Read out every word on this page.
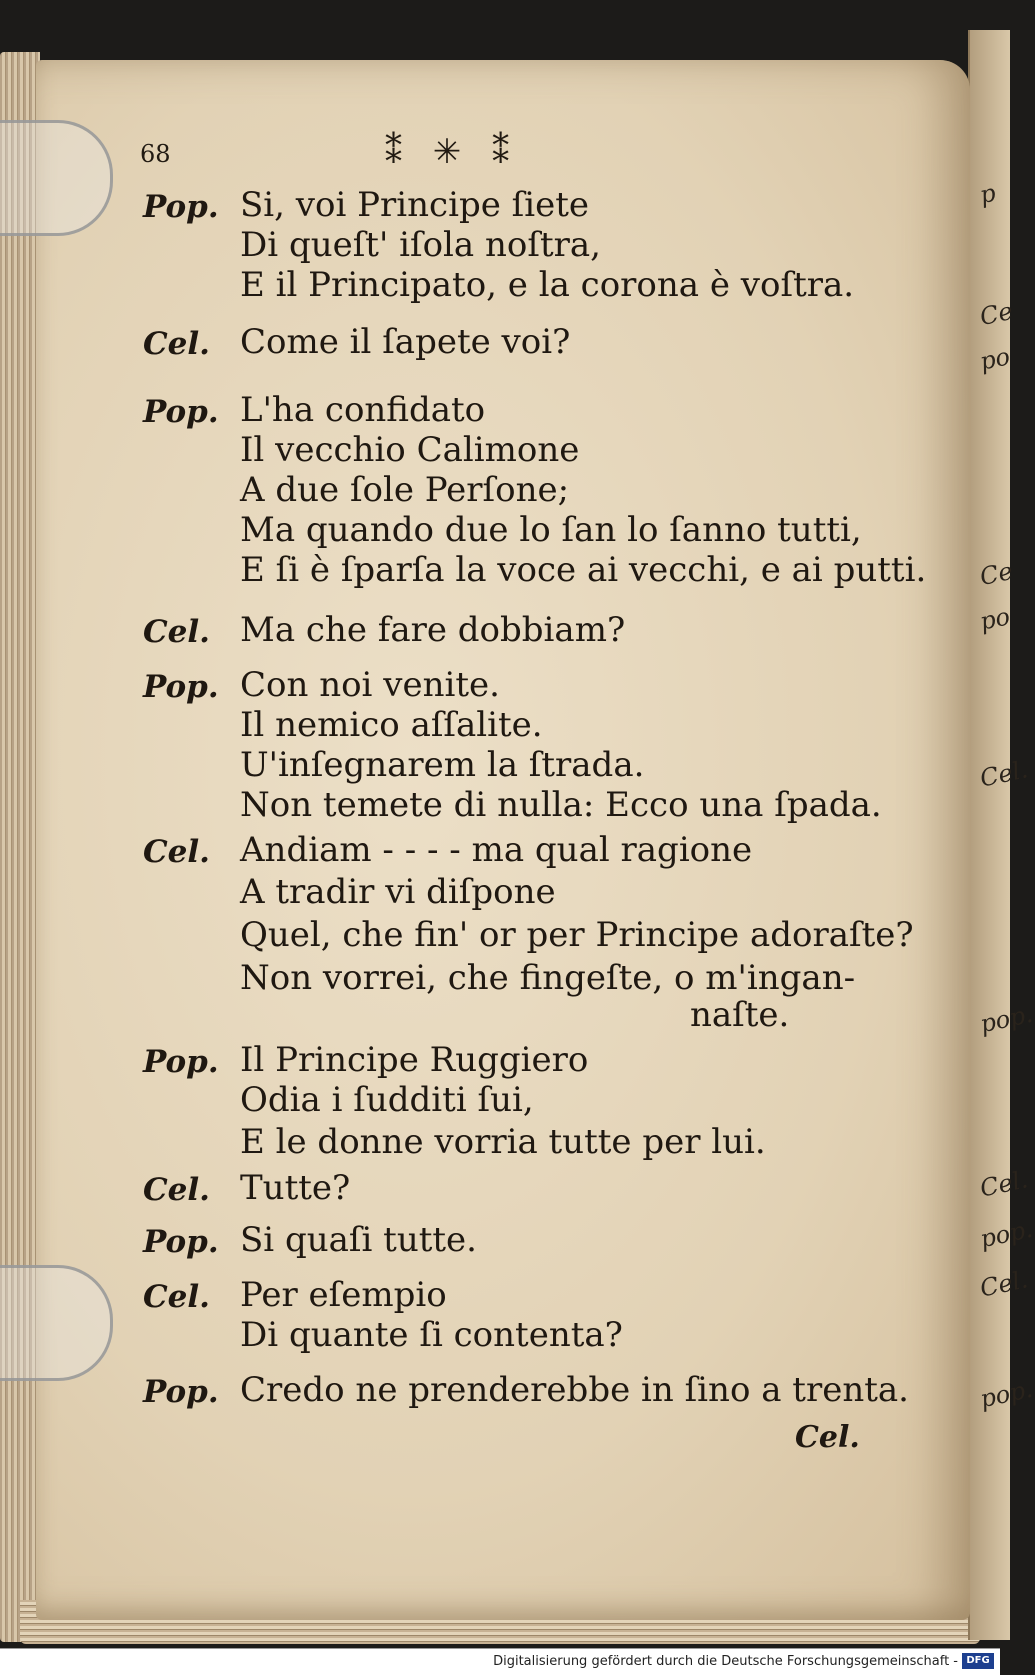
p
Ce
po
Ce
po
Cel.
pop.
Cel.
pop.
Cel.
pop.
68	⁑ ✳ ⁑
Pop. Si, voi Principe ſiete
Di queſt' iſola noſtra,
E il Principato, e la corona è voſtra.
Cel. Come il ſapete voi?
Pop. L'ha confidato
Il vecchio Calimone
A due ſole Perſone;
Ma quando due lo ſan lo ſanno tutti,
E ſi è ſparſa la voce ai vecchi, e ai putti.
Cel. Ma che fare dobbiam?
Pop. Con noi venite.
Il nemico aſſalite.
U'inſegnarem la ſtrada.
Non temete di nulla: Ecco una ſpada.
Cel. Andiam - - - - ma qual ragione
A tradir vi diſpone
Quel, che fin' or per Principe adoraſte?
Non vorrei, che fingeſte, o m'ingan-
naſte.
Pop. Il Principe Ruggiero
Odia i ſudditi ſui,
E le donne vorria tutte per lui.
Cel. Tutte?
Pop. Si quaſi tutte.
Cel. Per eſempio
Di quante ſi contenta?
Pop. Credo ne prenderebbe in ſino a trenta.
Cel.
Digitalisierung gefördert durch die Deutsche Forschungsgemeinschaft - DFG
